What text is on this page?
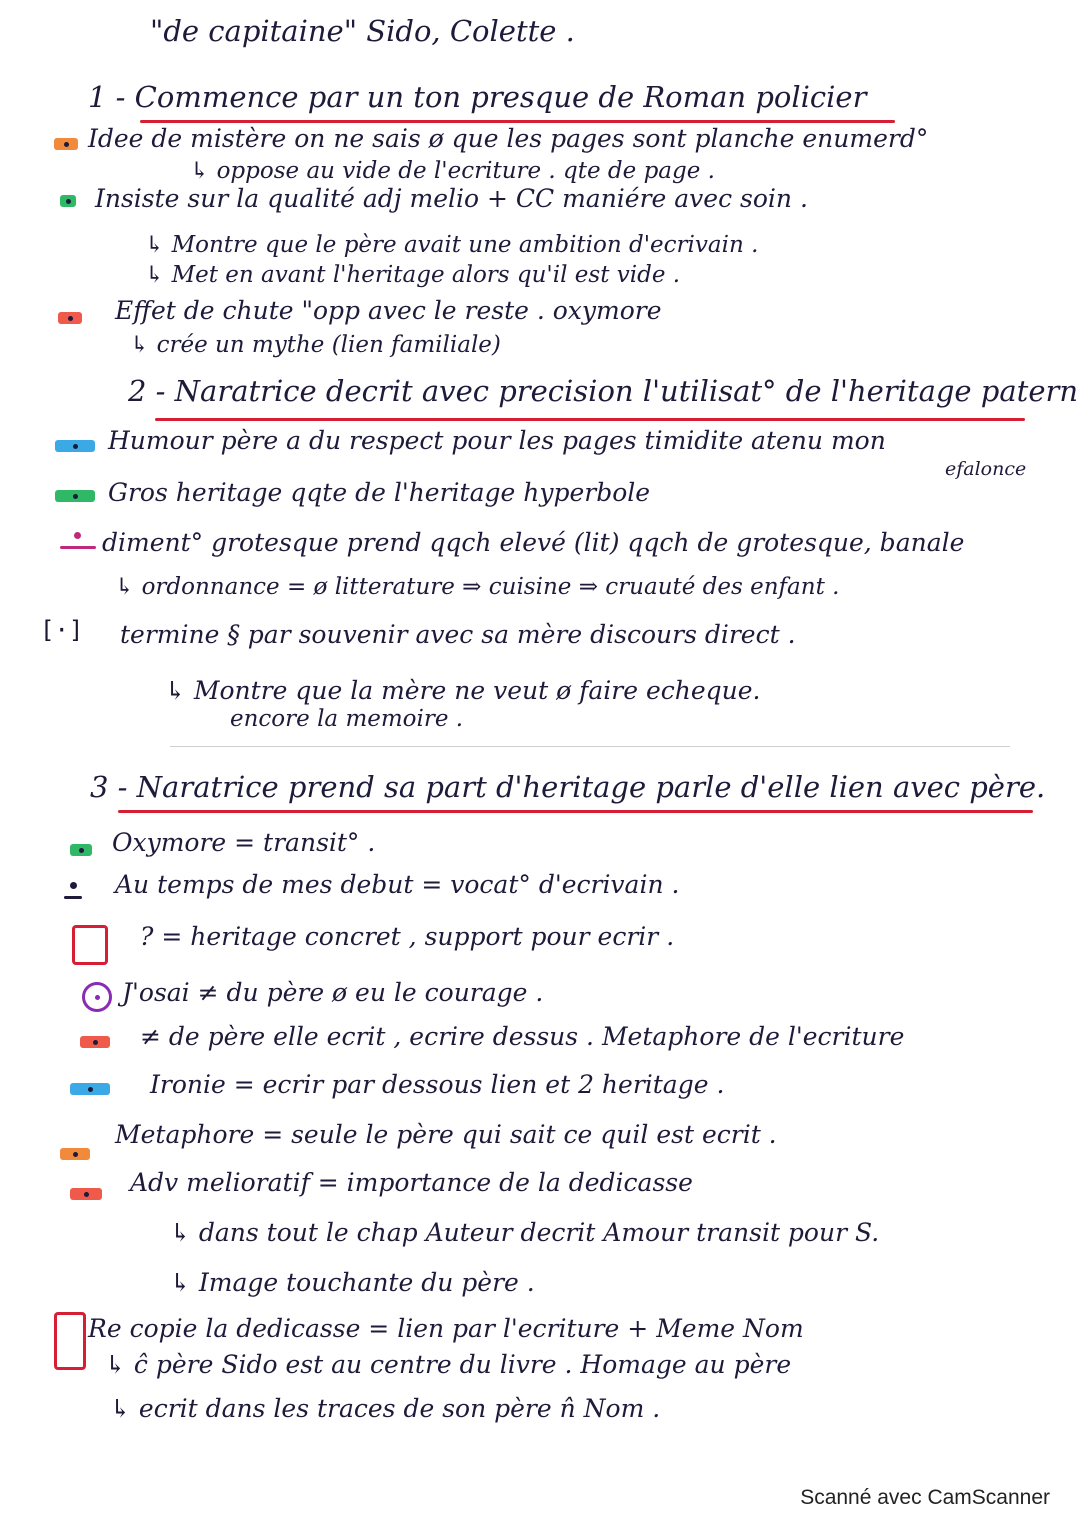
"de capitaine" Sido, Colette .
1 - Commence par un ton presque de Roman policier
Idee de mistère on ne sais ø que les pages sont planche enumerd°
↳ oppose au vide de l'ecriture . qte de page .
Insiste sur la qualité adj melio + CC maniére avec soin .
↳ Montre que le père avait une ambition d'ecrivain .
↳ Met en avant l'heritage alors qu'il est vide .
Effet de chute "opp avec le reste . oxymore
↳ crée un mythe (lien familiale)
2 - Naratrice decrit avec precision l'utilisat° de l'heritage patern
Humour père a du respect pour les pages timidite atenu mon
efalonce
Gros heritage qqte de l'heritage hyperbole
diment° grotesque prend qqch elevé (lit) qqch de grotesque, banale
↳ ordonnance = ø litterature ⇒ cuisine ⇒ cruauté des enfant .
[·]	termine § par souvenir avec sa mère discours direct .
↳ Montre que la mère ne veut ø faire echeque.
encore la memoire .
3 - Naratrice prend sa part d'heritage parle d'elle lien avec père.
Oxymore = transit° .
Au temps de mes debut = vocat° d'ecrivain .
? = heritage concret , support pour ecrir .
J'osai ≠ du père ø eu le courage .
≠ de père elle ecrit , ecrire dessus . Metaphore de l'ecriture
Ironie = ecrir par dessous lien et 2 heritage .
Metaphore = seule le père qui sait ce quil est ecrit .
Adv melioratif = importance de la dedicasse
↳ dans tout le chap Auteur decrit Amour transit pour S.
↳ Image touchante du père .
Re copie la dedicasse = lien par l'ecriture + Meme Nom
↳ ĉ père Sido est au centre du livre . Homage au père
↳ ecrit dans les traces de son père n̂ Nom .
Scanné avec CamScanner
